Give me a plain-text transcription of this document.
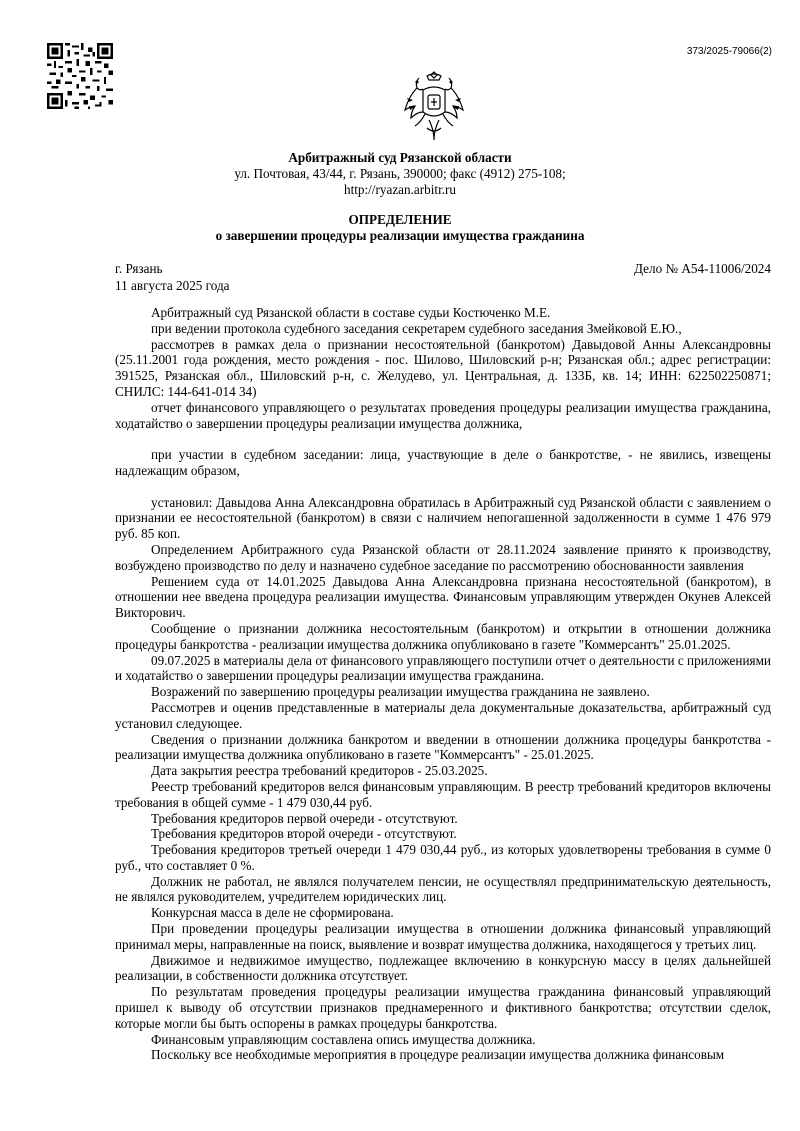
373/2025-79066(2)
Арбитражный суд Рязанской области
ул. Почтовая, 43/44, г. Рязань, 390000; факс (4912) 275-108;
http://ryazan.arbitr.ru
ОПРЕДЕЛЕНИЕ
о завершении процедуры реализации имущества гражданина
г. Рязань
11 августа 2025 года
Дело № А54-11006/2024

Арбитражный суд Рязанской области в составе судьи Костюченко М.Е.

при ведении протокола судебного заседания секретарем судебного заседания Змейковой Е.Ю.,

рассмотрев в рамках дела о признании несостоятельной (банкротом) Давыдовой Анны Александровны (25.11.2001 года рождения, место рождения - пос. Шилово, Шиловский р-н; Рязанская обл.; адрес регистрации: 391525, Рязанская обл., Шиловский р-н, с. Желудево, ул. Центральная, д. 133Б, кв. 14; ИНН: 622502250871; СНИЛС: 144-641-014 34)

отчет финансового управляющего о результатах проведения процедуры реализации имущества гражданина, ходатайство о завершении процедуры реализации имущества должника,

при участии в судебном заседании: лица, участвующие в деле о банкротстве, - не явились, извещены надлежащим образом,

установил: Давыдова Анна Александровна обратилась в Арбитражный суд Рязанской области с заявлением о признании ее несостоятельной (банкротом) в связи с наличием непогашенной задолженности в сумме 1 476 979 руб. 85 коп.

Определением Арбитражного суда Рязанской области от 28.11.2024 заявление принято к производству, возбуждено производство по делу и назначено судебное заседание по рассмотрению обоснованности заявления

Решением суда от 14.01.2025 Давыдова Анна Александровна признана несостоятельной (банкротом), в отношении нее введена процедура реализации имущества. Финансовым управляющим утвержден Окунев Алексей Викторович.

Сообщение о признании должника несостоятельным (банкротом) и открытии в отношении должника процедуры банкротства - реализации имущества должника опубликовано в газете "Коммерсантъ" 25.01.2025.

09.07.2025 в материалы дела от финансового управляющего поступили отчет о деятельности с приложениями и ходатайство о завершении процедуры реализации имущества гражданина.

Возражений по завершению процедуры реализации имущества гражданина не заявлено.

Рассмотрев и оценив представленные в материалы дела документальные доказательства, арбитражный суд установил следующее.

Сведения о признании должника банкротом и введении в отношении должника процедуры банкротства - реализации имущества должника опубликовано в газете "Коммерсантъ" - 25.01.2025.

Дата закрытия реестра требований кредиторов - 25.03.2025.

Реестр требований кредиторов велся финансовым управляющим. В реестр требований кредиторов включены требования в общей сумме - 1 479 030,44 руб.

Требования кредиторов первой очереди - отсутствуют.

Требования кредиторов второй очереди - отсутствуют.

Требования кредиторов третьей очереди 1 479 030,44 руб., из которых удовлетворены требования в сумме 0 руб., что составляет 0 %.

Должник не работал, не являлся получателем пенсии, не осуществлял предпринимательскую деятельность, не являлся руководителем, учредителем юридических лиц.

Конкурсная масса в деле не сформирована.

При проведении процедуры реализации имущества в отношении должника финансовый управляющий принимал меры, направленные на поиск, выявление и возврат имущества должника, находящегося у третьих лиц.

Движимое и недвижимое имущество, подлежащее включению в конкурсную массу в целях дальнейшей реализации, в собственности должника отсутствует.

По результатам проведения процедуры реализации имущества гражданина финансовый управляющий пришел к выводу об отсутствии признаков преднамеренного и фиктивного банкротства; отсутствии сделок, которые могли бы быть оспорены в рамках процедуры банкротства.

Финансовым управляющим составлена опись имущества должника.

Поскольку все необходимые мероприятия в процедуре реализации имущества должника финансовым
